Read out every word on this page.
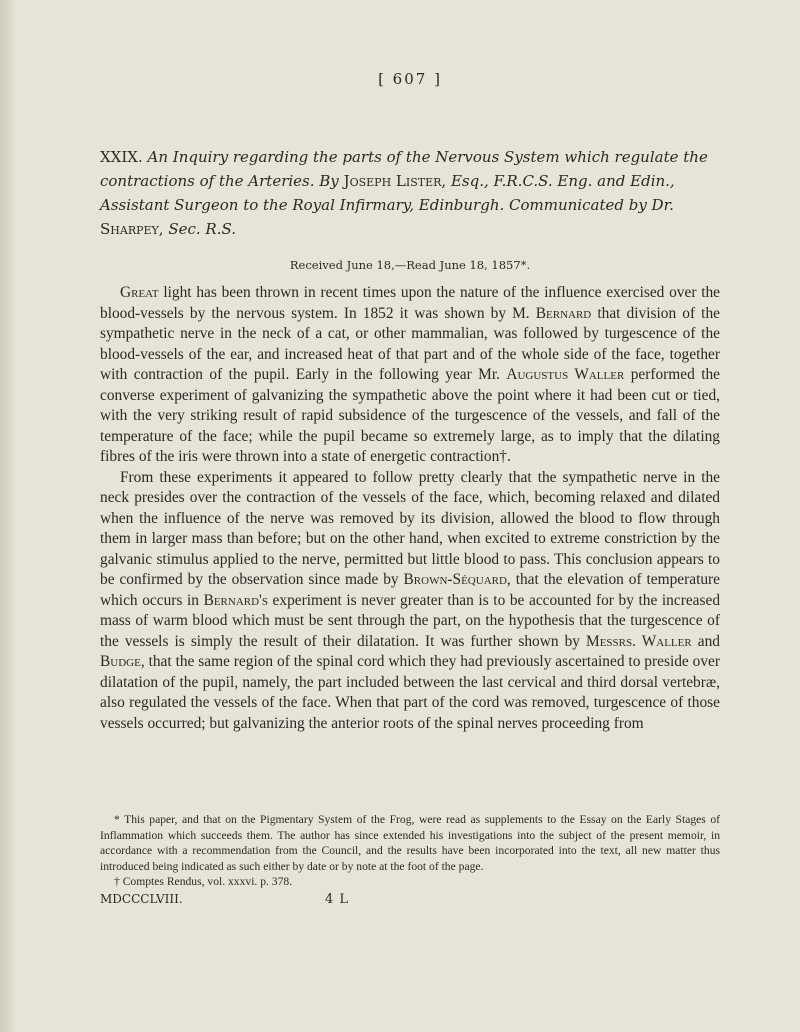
[ 607 ]
XXIX. An Inquiry regarding the parts of the Nervous System which regulate the contractions of the Arteries. By Joseph Lister, Esq., F.R.C.S. Eng. and Edin., Assistant Surgeon to the Royal Infirmary, Edinburgh. Communicated by Dr. Sharpey, Sec. R.S.
Received June 18,—Read June 18, 1857*.

Great light has been thrown in recent times upon the nature of the influence exercised over the blood-vessels by the nervous system. In 1852 it was shown by M. Bernard that division of the sympathetic nerve in the neck of a cat, or other mammalian, was followed by turgescence of the blood-vessels of the ear, and increased heat of that part and of the whole side of the face, together with contraction of the pupil. Early in the following year Mr. Augustus Waller performed the converse experiment of galvanizing the sympathetic above the point where it had been cut or tied, with the very striking result of rapid subsidence of the turgescence of the vessels, and fall of the temperature of the face; while the pupil became so extremely large, as to imply that the dilating fibres of the iris were thrown into a state of energetic contraction†.

From these experiments it appeared to follow pretty clearly that the sympathetic nerve in the neck presides over the contraction of the vessels of the face, which, becoming relaxed and dilated when the influence of the nerve was removed by its division, allowed the blood to flow through them in larger mass than before; but on the other hand, when excited to extreme constriction by the galvanic stimulus applied to the nerve, permitted but little blood to pass. This conclusion appears to be confirmed by the observation since made by Brown-Séquard, that the elevation of temperature which occurs in Bernard's experiment is never greater than is to be accounted for by the increased mass of warm blood which must be sent through the part, on the hypothesis that the turgescence of the vessels is simply the result of their dilatation. It was further shown by Messrs. Waller and Budge, that the same region of the spinal cord which they had previously ascertained to preside over dilatation of the pupil, namely, the part included between the last cervical and third dorsal vertebræ, also regulated the vessels of the face. When that part of the cord was removed, turgescence of those vessels occurred; but galvanizing the anterior roots of the spinal nerves proceeding from

* This paper, and that on the Pigmentary System of the Frog, were read as supplements to the Essay on the Early Stages of Inflammation which succeeds them. The author has since extended his investigations into the subject of the present memoir, in accordance with a recommendation from the Council, and the results have been incorporated into the text, all new matter thus introduced being indicated as such either by date or by note at the foot of the page.

† Comptes Rendus, vol. xxxvi. p. 378.

MDCCCLVIII.	4 L
